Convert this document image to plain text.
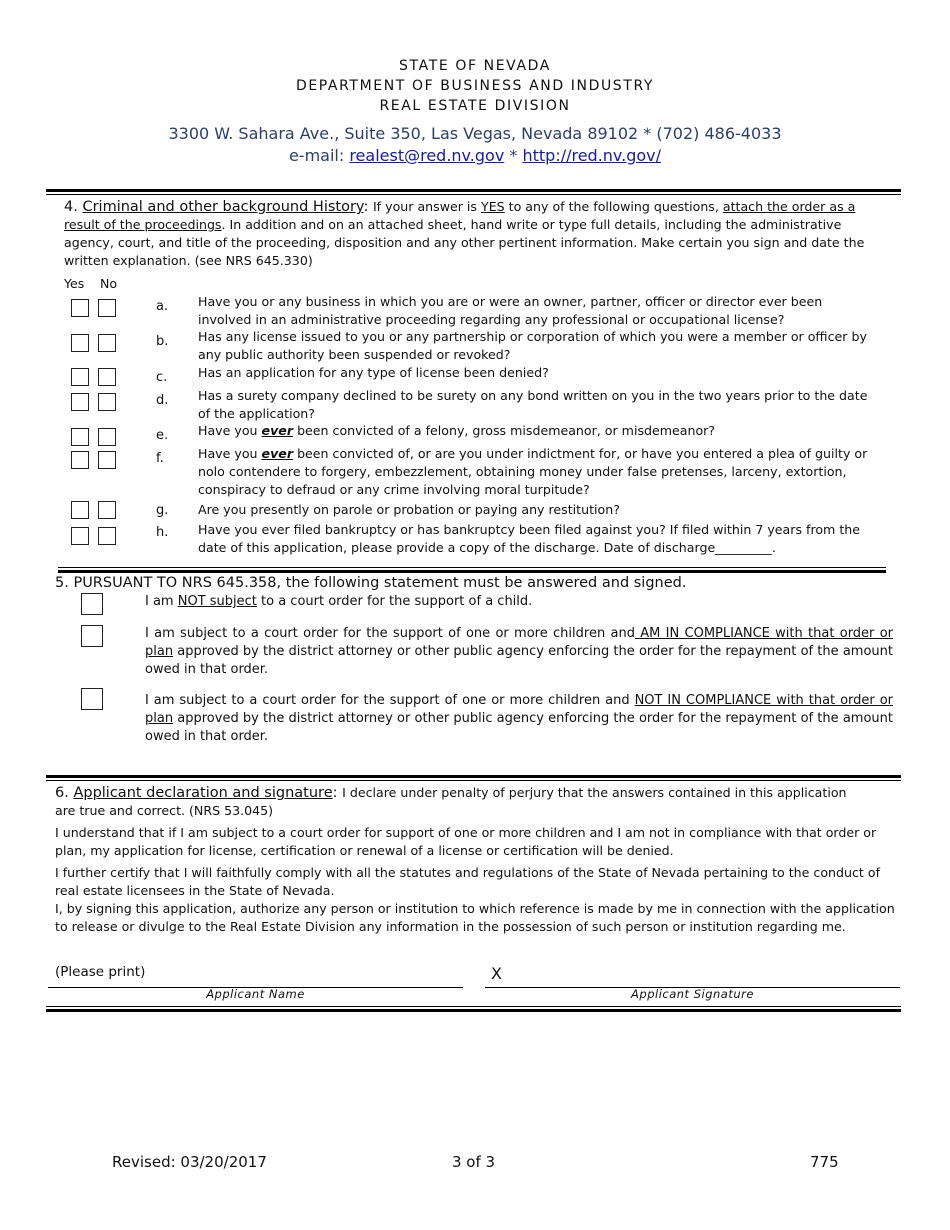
STATE OF NEVADA
DEPARTMENT OF BUSINESS AND INDUSTRY
REAL ESTATE DIVISION
3300 W. Sahara Ave., Suite 350, Las Vegas, Nevada 89102 * (702) 486-4033
e-mail: realest@red.nv.gov * http://red.nv.gov/
4. Criminal and other background History: If your answer is YES to any of the following questions, attach the order as a result of the proceedings. In addition and on an attached sheet, hand write or type full details, including the administrative agency, court, and title of the proceeding, disposition and any other pertinent information. Make certain you sign and date the written explanation. (see NRS 645.330)
Yes No
a.	Have you or any business in which you are or were an owner, partner, officer or director ever been involved in an administrative proceeding regarding any professional or occupational license?
b.	Has any license issued to you or any partnership or corporation of which you were a member or officer by any public authority been suspended or revoked?
c.	Has an application for any type of license been denied?
d.	Has a surety company declined to be surety on any bond written on you in the two years prior to the date of the application?
e.	Have you ever been convicted of a felony, gross misdemeanor, or misdemeanor?
f.	Have you ever been convicted of, or are you under indictment for, or have you entered a plea of guilty or nolo contendere to forgery, embezzlement, obtaining money under false pretenses, larceny, extortion, conspiracy to defraud or any crime involving moral turpitude?
g.	Are you presently on parole or probation or paying any restitution?
h.	Have you ever filed bankruptcy or has bankruptcy been filed against you? If filed within 7 years from the date of this application, please provide a copy of the discharge. Date of discharge_________.
5. PURSUANT TO NRS 645.358, the following statement must be answered and signed.
I am NOT subject to a court order for the support of a child.
I am subject to a court order for the support of one or more children and AM IN COMPLIANCE with that order or plan approved by the district attorney or other public agency enforcing the order for the repayment of the amount owed in that order.
I am subject to a court order for the support of one or more children and NOT IN COMPLIANCE with that order or plan approved by the district attorney or other public agency enforcing the order for the repayment of the amount owed in that order.
6. Applicant declaration and signature: I declare under penalty of perjury that the answers contained in this application are true and correct. (NRS 53.045)
I understand that if I am subject to a court order for support of one or more children and I am not in compliance with that order or plan, my application for license, certification or renewal of a license or certification will be denied.
I further certify that I will faithfully comply with all the statutes and regulations of the State of Nevada pertaining to the conduct of real estate licensees in the State of Nevada.
I, by signing this application, authorize any person or institution to which reference is made by me in connection with the application to release or divulge to the Real Estate Division any information in the possession of such person or institution regarding me.
(Please print)
Applicant Name
X
Applicant Signature
Revised: 03/20/2017	3 of 3	775
